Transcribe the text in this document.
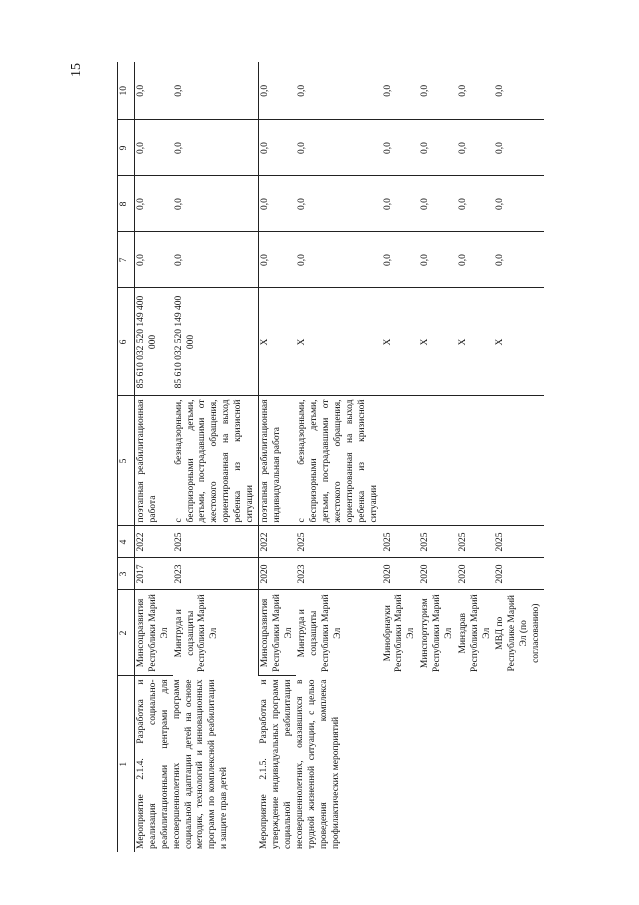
15
1	2	3	4	5	6	7	8	9	10
Мероприятие 2.1.4. Разработка и реализация социально-реабилитационными центрами для несовершеннолетних программ социальной адаптации детей на основе методик, технологий и инновационных программ по комплексной реабилитации и защите прав детей	Минсоцразвития Республики Марий Эл	2017	2022	поэтапная реабилитационная работа	85 610 032 520 149 400 000	0,0	0,0	0,0	0,0
	Минтруда и соцзащиты Республики Марий Эл	2023	2025	с безнадзорными, беспризорными детьми, детьми, пострадавшими от жестокого обращения, ориентированная на выход ребенка из кризисной ситуации	85 610 032 520 149 400 000	0,0	0,0	0,0	0,0
Мероприятие 2.1.5. Разработка и утверждение индивидуальных программ социальной реабилитации несовершеннолетних, оказавшихся в трудной жизненной ситуации, с целью проведения комплекса профилактических мероприятий	Минсоцразвития Республики Марий Эл	2020	2022	поэтапная реабилитационная индивидуальная работа	Х	0,0	0,0	0,0	0,0
	Минтруда и соцзащиты Республики Марий Эл	2023	2025	с безнадзорными, беспризорными детьми, детьми, пострадавшими от жестокого обращения, ориентированная на выход ребенка из кризисной ситуации	Х	0,0	0,0	0,0	0,0
	Минобрнауки Республики Марий Эл	2020	2025		Х	0,0	0,0	0,0	0,0
	Минспорттуризм Республики Марий Эл	2020	2025		Х	0,0	0,0	0,0	0,0
	Минздрав Республики Марий Эл	2020	2025		Х	0,0	0,0	0,0	0,0
	МВД по Республике Марий Эл (по согласованию)	2020	2025		Х	0,0	0,0	0,0	0,0
